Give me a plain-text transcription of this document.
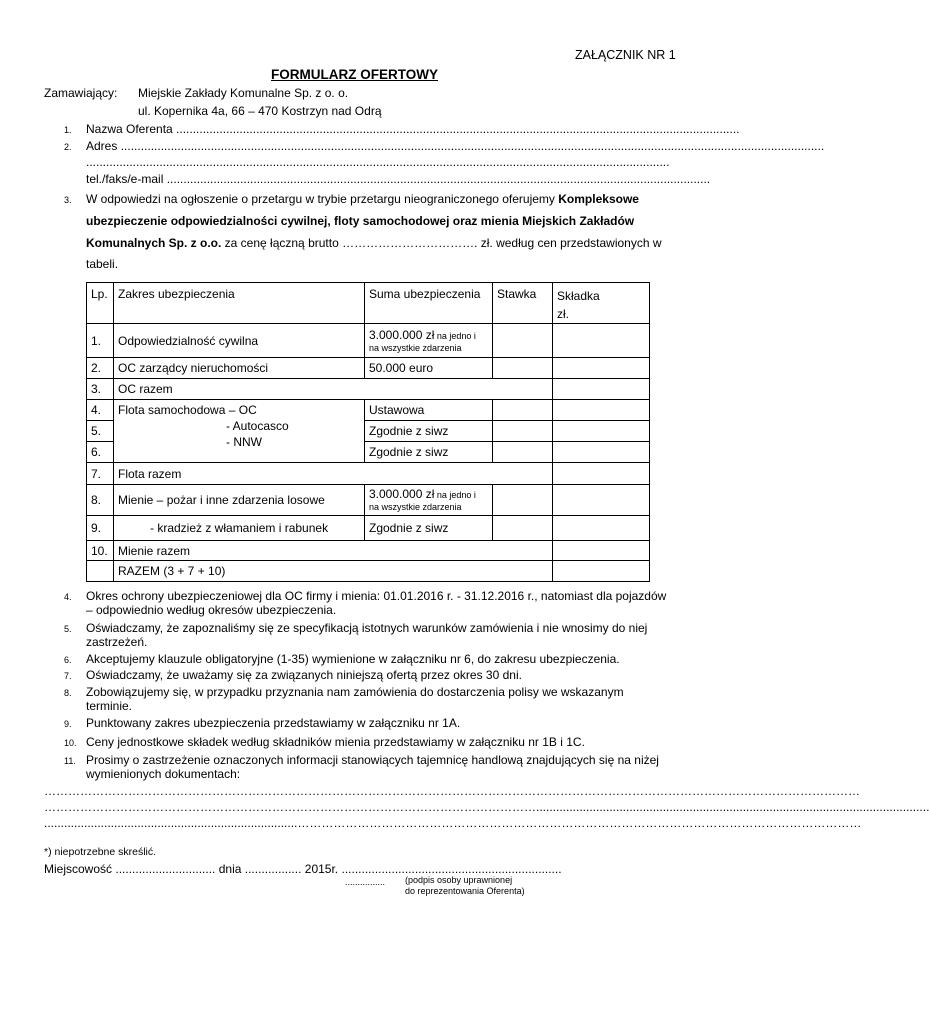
ZAŁĄCZNIK NR 1
FORMULARZ OFERTOWY
Zamawiający: Miejskie Zakłady Komunalne Sp. z o. o.
ul. Kopernika 4a, 66 – 470 Kostrzyn nad Odrą
1. Nazwa Oferenta .........................................................................................................................................................................
2. Adres ...................................................................................................................................................................................................................
...............................................................................................................................................................................
tel./faks/e-mail ...................................................................................................................................................................
3. W odpowiedzi na ogłoszenie o przetargu w trybie przetargu nieograniczonego oferujemy Kompleksowe
ubezpieczenie odpowiedzialności cywilnej, floty samochodowej oraz mienia Miejskich Zakładów
Komunalnych Sp. z o.o. za cenę łączną brutto ……………………………. zł. według cen przedstawionych w
tabeli.
Lp.	Zakres ubezpieczenia	Suma ubezpieczenia	Stawka	Składka
zł.
1.	Odpowiedzialność cywilna	3.000.000 zł na jedno i
na wszystkie zdarzenia		

2.	OC zarządcy nieruchomości	50.000 euro		
3.	OC razem			
4.	Flota samochodowa – OC
- Autocasco
- NNW	Ustawowa		
5.		Zgodnie z siwz		
6.		Zgodnie z siwz		
7.	Flota razem			
8.	Mienie – pożar i inne zdarzenia losowe	3.000.000 zł na jedno i
na wszystkie zdarzenia		

9.	- kradzież z włamaniem i rabunek	Zgodnie z siwz		
10.	Mienie razem			
	RAZEM (3 + 7 + 10)			
4. Okres ochrony ubezpieczeniowej dla OC firmy i mienia: 01.01.2016 r. - 31.12.2016 r., natomiast dla pojazdów
– odpowiednio według okresów ubezpieczenia.
5. Oświadczamy, że zapoznaliśmy się ze specyfikacją istotnych warunków zamówienia i nie wnosimy do niej
zastrzeżeń.
6. Akceptujemy klauzule obligatoryjne (1-35) wymienione w załączniku nr 6, do zakresu ubezpieczenia.
7. Oświadczamy, że uważamy się za związanych niniejszą ofertą przez okres 30 dni.
8. Zobowiązujemy się, w przypadku przyznania nam zamówienia do dostarczenia polisy we wskazanym
terminie.
9. Punktowany zakres ubezpieczenia przedstawiamy w załączniku nr 1A.
10. Ceny jednostkowe składek według składników mienia przedstawiamy w załączniku nr 1B i 1C.
11. Prosimy o zastrzeżenie oznaczonych informacji stanowiących tajemnicę handlową znajdujących się na niżej
wymienionych dokumentach:
……………………………………………………………………………………………………………………………………………………………………………………
……………………………………………………………………………………………………………......................................................................................................................
............................................................................……………………………………………………………………………………………………………………………
*) niepotrzebne skreślić.
Miejscowość .............................. dnia ................. 2015r. ..................................................................
................ (podpis osoby uprawnionej
do reprezentowania Oferenta)
